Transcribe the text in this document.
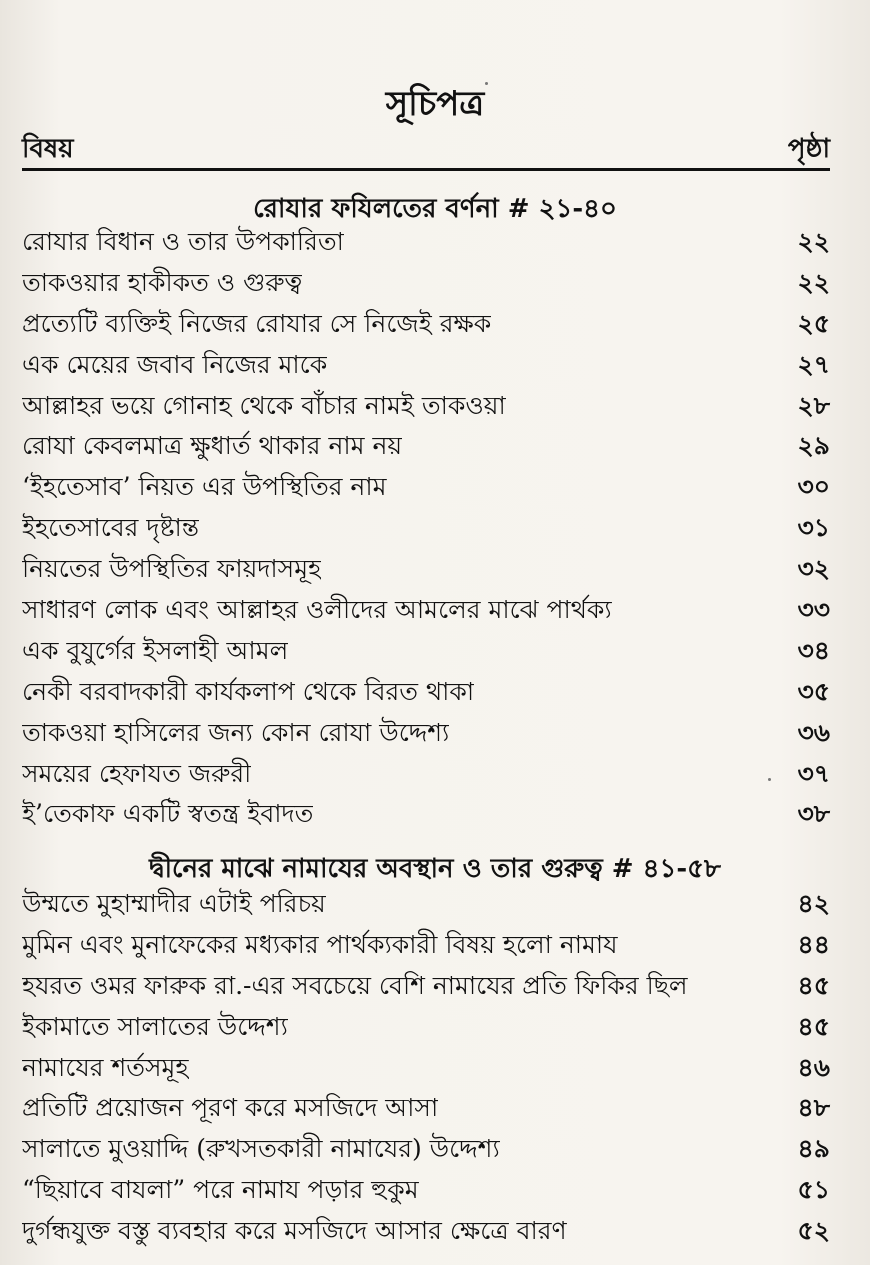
সূচিপত্র
বিষয়	পৃষ্ঠা
রোযার ফযিলতের বর্ণনা # ২১-৪০
রোযার বিধান ও তার উপকারিতা	২২
তাকওয়ার হাকীকত ও গুরুত্ব	২২
প্রত্যেটি ব্যক্তিই নিজের রোযার সে নিজেই রক্ষক	২৫
এক মেয়ের জবাব নিজের মাকে	২৭
আল্লাহর ভয়ে গোনাহ থেকে বাঁচার নামই তাকওয়া	২৮
রোযা কেবলমাত্র ক্ষুধার্ত থাকার নাম নয়	২৯
‘ইহতেসাব’ নিয়ত এর উপস্থিতির নাম	৩০
ইহতেসাবের দৃষ্টান্ত	৩১
নিয়তের উপস্থিতির ফায়দাসমূহ	৩২
সাধারণ লোক এবং আল্লাহর ওলীদের আমলের মাঝে পার্থক্য	৩৩
এক বুযুর্গের ইসলাহী আমল	৩৪
নেকী বরবাদকারী কার্যকলাপ থেকে বিরত থাকা	৩৫
তাকওয়া হাসিলের জন্য কোন রোযা উদ্দেশ্য	৩৬
সময়ের হেফাযত জরুরী	৩৭
ই’তেকাফ একটি স্বতন্ত্র ইবাদত	৩৮
দ্বীনের মাঝে নামাযের অবস্থান ও তার গুরুত্ব # ৪১-৫৮
উম্মতে মুহাম্মাদীর এটাই পরিচয়	৪২
মুমিন এবং মুনাফেকের মধ্যকার পার্থক্যকারী বিষয় হলো নামায	৪৪
হযরত ওমর ফারুক রা.-এর সবচেয়ে বেশি নামাযের প্রতি ফিকির ছিল	৪৫
ইকামাতে সালাতের উদ্দেশ্য	৪৫
নামাযের শর্তসমূহ	৪৬
প্রতিটি প্রয়োজন পূরণ করে মসজিদে আসা	৪৮
সালাতে মুওয়াদ্দি (রুখসতকারী নামাযের) উদ্দেশ্য	৪৯
“ছিয়াবে বাযলা” পরে নামায পড়ার হুকুম	৫১
দুর্গন্ধযুক্ত বস্তু ব্যবহার করে মসজিদে আসার ক্ষেত্রে বারণ	৫২
